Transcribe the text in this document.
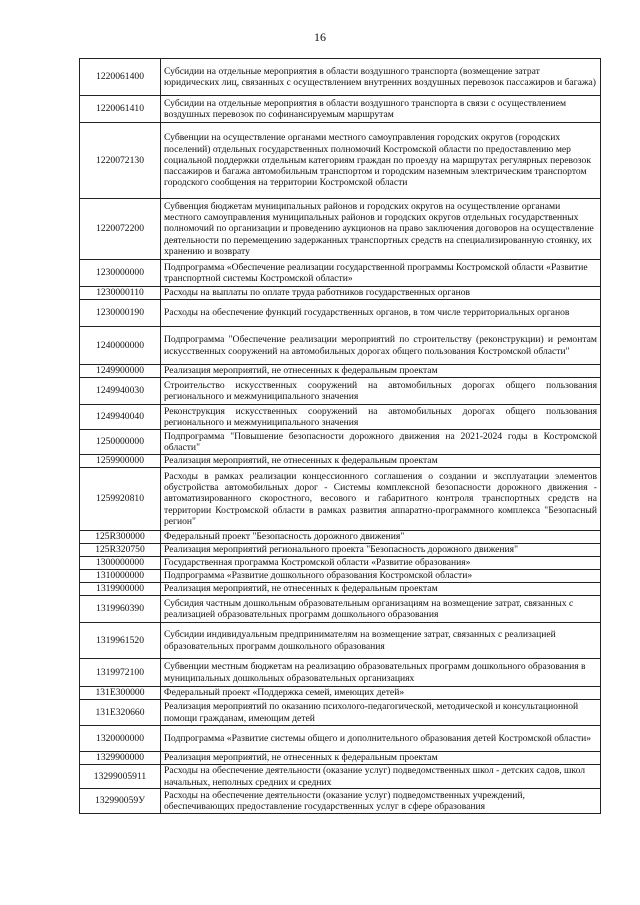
16
1220061400	Субсидии на отдельные мероприятия в области воздушного транспорта (возмещение затрат юридических лиц, связанных с осуществлением внутренних воздушных перевозок пассажиров и багажа)
1220061410	Субсидии на отдельные мероприятия в области воздушного транспорта в связи с осуществлением воздушных перевозок по софинансируемым маршрутам
1220072130	Субвенции на осуществление органами местного самоуправления городских округов (городских поселений) отдельных государственных полномочий Костромской области по предоставлению мер социальной поддержки отдельным категориям граждан по проезду на маршрутах регулярных перевозок пассажиров и багажа автомобильным транспортом и городским наземным электрическим транспортом городского сообщения на территории Костромской области
1220072200	Субвенция бюджетам муниципальных районов и городских округов на осуществление органами местного самоуправления муниципальных районов и городских округов отдельных государственных полномочий по организации и проведению аукционов на право заключения договоров на осуществление деятельности по перемещению задержанных транспортных средств на специализированную стоянку, их хранению и возврату
1230000000	Подпрограмма «Обеспечение реализации государственной программы Костромской области «Развитие транспортной системы Костромской области»
1230000110	Расходы на выплаты по оплате труда работников государственных органов
1230000190	Расходы на обеспечение функций государственных органов, в том числе территориальных органов
1240000000	Подпрограмма "Обеспечение реализации мероприятий по строительству (реконструкции) и ремонтам искусственных сооружений на автомобильных дорогах общего пользования Костромской области"
1249900000	Реализация мероприятий, не отнесенных к федеральным проектам
1249940030	Строительство искусственных сооружений на автомобильных дорогах общего пользования регионального и межмуниципального значения
1249940040	Реконструкция искусственных сооружений на автомобильных дорогах общего пользования регионального и межмуниципального значения
1250000000	Подпрограмма "Повышение безопасности дорожного движения на 2021-2024 годы в Костромской области"
1259900000	Реализация мероприятий, не отнесенных к федеральным проектам
1259920810	Расходы в рамках реализации концессионного соглашения о создании и эксплуатации элементов обустройства автомобильных дорог - Системы комплексной безопасности дорожного движения - автоматизированного скоростного, весового и габаритного контроля транспортных средств на территории Костромской области в рамках развития аппаратно-программного комплекса "Безопасный регион"
125R300000	Федеральный проект "Безопасность дорожного движения"
125R320750	Реализация мероприятий регионального проекта "Безопасность дорожного движения"
1300000000	Государственная программа Костромской области «Развитие образования»
1310000000	Подпрограмма «Развитие дошкольного образования Костромской области»
1319900000	Реализация мероприятий, не отнесенных к федеральным проектам
1319960390	Субсидия частным дошкольным образовательным организациям на возмещение затрат, связанных с реализацией образовательных программ дошкольного образования
1319961520	Субсидии индивидуальным предпринимателям на возмещение затрат, связанных с реализацией образовательных программ дошкольного образования
1319972100	Субвенции местным бюджетам на реализацию образовательных программ дошкольного образования в муниципальных дошкольных образовательных организациях
131E300000	Федеральный проект «Поддержка семей, имеющих детей»
131E320660	Реализация мероприятий по оказанию психолого-педагогической, методической и консультационной помощи гражданам, имеющим детей
1320000000	Подпрограмма «Развитие системы общего и дополнительного образования детей Костромской области»
1329900000	Реализация мероприятий, не отнесенных к федеральным проектам
13299005911	Расходы на обеспечение деятельности (оказание услуг) подведомственных школ - детских садов, школ начальных, неполных средних и средних
132990059У	Расходы на обеспечение деятельности (оказание услуг) подведомственных учреждений, обеспечивающих предоставление государственных услуг в сфере образования
